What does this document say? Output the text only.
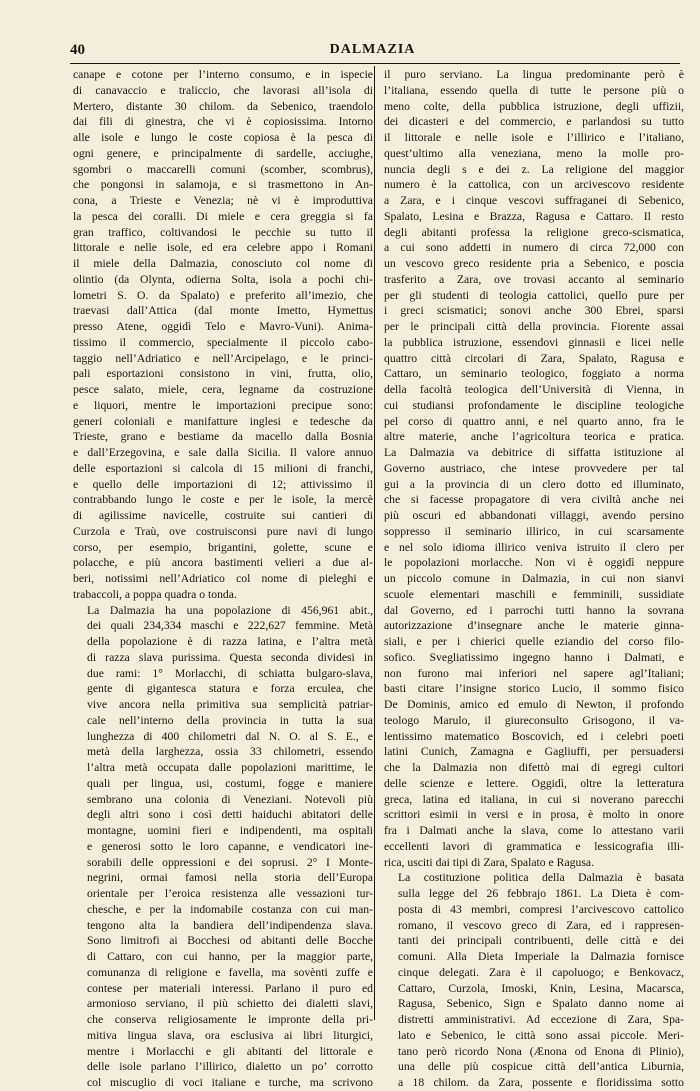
40	DALMAZIA

canape e cotone per l’interno consumo, e in ispecie
di canavaccio e traliccio, che lavorasi all’isola di
Mertero, distante 30 chilom. da Sebenico, traendolo
dai fili di ginestra, che vi è copiosissima. Intorno
alle isole e lungo le coste copiosa è la pesca di
ogni genere, e principalmente di sardelle, acciughe,
sgombri o maccarelli comuni (scomber, scombrus),
che pongonsi in salamoja, e si trasmettono in An-
cona, a Trieste e Venezia; nè vi è improduttiva
la pesca dei coralli. Di miele e cera greggia si fa
gran traffico, coltivandosi le pecchie su tutto il
littorale e nelle isole, ed era celebre appo i Romani
il miele della Dalmazia, conosciuto col nome di
olintio (da Olynta, odierna Solta, isola a pochi chi-
lometri S. O. da Spalato) e preferito all’imezio, che
traevasi dall’Attica (dal monte Imetto, Hymettus
presso Atene, oggidì Telo e Mavro-Vuni). Anima-
tissimo il commercio, specialmente il piccolo cabo-
taggio nell’Adriatico e nell’Arcipelago, e le princi-
pali esportazioni consistono in vini, frutta, olio,
pesce salato, miele, cera, legname da costruzione
e liquori, mentre le importazioni precipue sono:
generi coloniali e manifatture inglesi e tedesche da
Trieste, grano e bestiame da macello dalla Bosnia
e dall’Erzegovina, e sale dalla Sicilia. Il valore annuo
delle esportazioni si calcola di 15 milioni di franchi,
e quello delle importazioni di 12; attivissimo il
contrabbando lungo le coste e per le isole, la mercè
di agilissime navicelle, costruite sui cantieri di
Curzola e Traù, ove costruisconsi pure navi di lungo
corso, per esempio, brigantini, golette, scune e
polacche, e più ancora bastimenti velieri a due al-
beri, notissimi nell’Adriatico col nome di pieleghi e
trabaccoli, a poppa quadra o tonda.

La Dalmazia ha una popolazione di 456,961 abit.,
dei quali 234,334 maschi e 222,627 femmine. Metà
della popolazione è di razza latina, e l’altra metà
di razza slava purissima. Questa seconda dividesi in
due rami: 1° Morlacchi, di schiatta bulgaro-slava,
gente di gigantesca statura e forza erculea, che
vive ancora nella primitiva sua semplicità patriar-
cale nell’interno della provincia in tutta la sua
lunghezza di 400 chilometri dal N. O. al S. E., e
metà della larghezza, ossia 33 chilometri, essendo
l’altra metà occupata dalle popolazioni marittime, le
quali per lingua, usi, costumi, fogge e maniere
sembrano una colonia di Veneziani. Notevoli più
degli altri sono i così detti haiduchi abitatori delle
montagne, uomini fieri e indipendenti, ma ospitali
e generosi sotto le loro capanne, e vendicatori ine-
sorabili delle oppressioni e dei soprusi. 2° I Monte-
negrini, ormai famosi nella storia dell’Europa
orientale per l’eroica resistenza alle vessazioni tur-
chesche, e per la indomabile costanza con cui man-
tengono alta la bandiera dell’indipendenza slava.
Sono limitrofi ai Bocchesi od abitanti delle Bocche
di Cattaro, con cui hanno, per la maggior parte,
comunanza di religione e favella, ma sovènti zuffe e
contese per materiali interessi. Parlano il puro ed
armonioso serviano, il più schietto dei dialetti slavi,
che conserva religiosamente le impronte della pri-
mitiva lingua slava, ora esclusiva ai libri liturgici,
mentre i Morlacchi e gli abitanti del littorale e
delle isole parlano l’illirico, dialetto un po’ corrotto
col miscuglio di voci italiane e turche, ma scrivono

il puro serviano. La lingua predominante però è
l’italiana, essendo quella di tutte le persone più o
meno colte, della pubblica istruzione, degli uffizii,
dei dicasteri e del commercio, e parlandosi su tutto
il littorale e nelle isole e l’illirico e l’italiano,
quest’ultimo alla veneziana, meno la molle pro-
nuncia degli s e dei z. La religione del maggior
numero è la cattolica, con un arcivescovo residente
a Zara, e i cinque vescovi suffraganei di Sebenico,
Spalato, Lesina e Brazza, Ragusa e Cattaro. Il resto
degli abitanti professa la religione greco-scismatica,
a cui sono addetti in numero di circa 72,000 con
un vescovo greco residente pria a Sebenico, e poscia
trasferito a Zara, ove trovasi accanto al seminario
per gli studenti di teologia cattolici, quello pure per
i greci scismatici; sonovi anche 300 Ebrei, sparsi
per le principali città della provincia. Fiorente assai
la pubblica istruzione, essendovi ginnasii e licei nelle
quattro città circolari di Zara, Spalato, Ragusa e
Cattaro, un seminario teologico, foggiato a norma
della facoltà teologica dell’Università di Vienna, in
cui studiansi profondamente le discipline teologiche
pel corso di quattro anni, e nel quarto anno, fra le
altre materie, anche l’agricoltura teorica e pratica.
La Dalmazia va debitrice di siffatta istituzione al
Governo austriaco, che intese provvedere per tal
gui a la provincia di un clero dotto ed illuminato,
che si facesse propagatore di vera civiltà anche nei
più oscuri ed abbandonati villaggi, avendo persino
soppresso il seminario illirico, in cui scarsamente
e nel solo idioma illirico veniva istruito il clero per
le popolazioni morlacche. Non vi è oggidì neppure
un piccolo comune in Dalmazia, in cui non sianvi
scuole elementari maschili e femminili, sussidiate
dal Governo, ed i parrochi tutti hanno la sovrana
autorizzazione d’insegnare anche le materie ginna-
siali, e per i chierici quelle eziandio del corso filo-
sofico. Svegliatissimo ingegno hanno i Dalmati, e
non furono mai inferiori nel sapere agl’Italiani;
basti citare l’insigne storico Lucio, il sommo fisico
De Dominis, amico ed emulo di Newton, il profondo
teologo Marulo, il giureconsulto Grisogono, il va-
lentissimo matematico Boscovich, ed i celebri poeti
latini Cunich, Zamagna e Gagliuffi, per persuadersi
che la Dalmazia non difettò mai di egregi cultori
delle scienze e lettere. Oggidì, oltre la letteratura
greca, latina ed italiana, in cui si noverano parecchi
scrittori esimii in versi e in prosa, è molto in onore
fra i Dalmati anche la slava, come lo attestano varii
eccellenti lavori di grammatica e lessicografia illi-
rica, usciti dai tipi di Zara, Spalato e Ragusa.

La costituzione politica della Dalmazia è basata
sulla legge del 26 febbrajo 1861. La Dieta è com-
posta di 43 membri, compresi l’arcivescovo cattolico
romano, il vescovo greco di Zara, ed i rappresen-
tanti dei principali contribuenti, delle città e dei
comuni. Alla Dieta Imperiale la Dalmazia fornisce
cinque delegati. Zara è il capoluogo; e Benkovacz,
Cattaro, Curzola, Imoski, Knin, Lesina, Macarsca,
Ragusa, Sebenico, Sign e Spalato danno nome ai
distretti amministrativi. Ad eccezione di Zara, Spa-
lato e Sebenico, le città sono assai piccole. Meri-
tano però ricordo Nona (Ænona od Enona di Plinio),
una delle più cospicue città dell’antica Liburnia,
a 18 chilom. da Zara, possente e floridissima sotto
